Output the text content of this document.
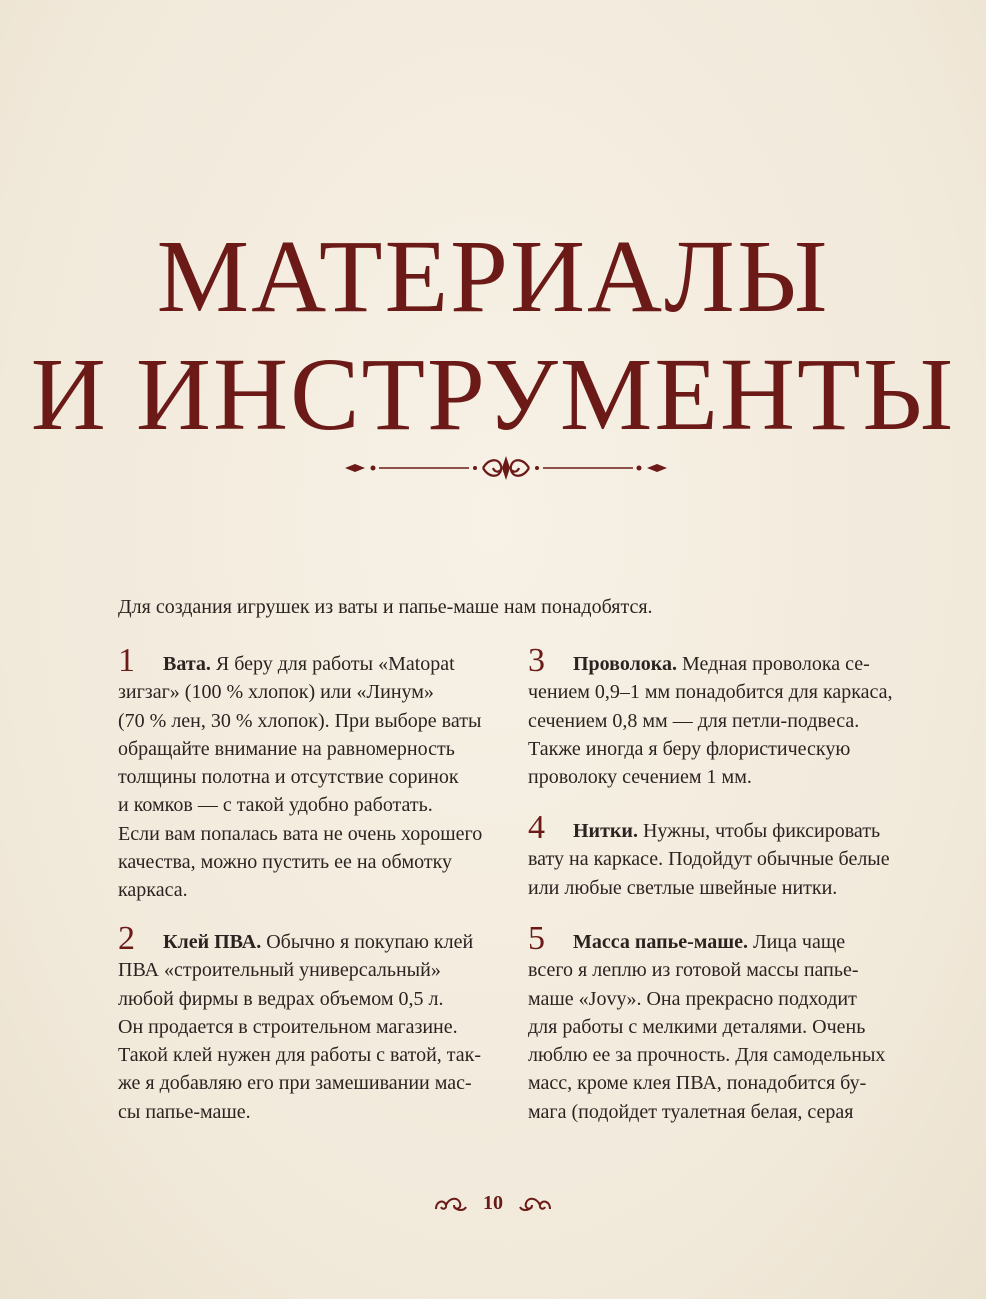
МАТЕРИАЛЫ
И ИНСТРУМЕНТЫ
Для создания игрушек из ваты и папье-маше нам понадобятся.
1	Вата. Я беру для работы «Matopat
зигзаг» (100 % хлопок) или «Линум»
(70 % лен, 30 % хлопок). При выборе ваты
обращайте внимание на равномерность
толщины полотна и отсутствие соринок
и комков — с такой удобно работать.
Если вам попалась вата не очень хорошего
качества, можно пустить ее на обмотку
каркаса.
2	Клей ПВА. Обычно я покупаю клей
ПВА «строительный универсальный»
любой фирмы в ведрах объемом 0,5 л.
Он продается в строительном магазине.
Такой клей нужен для работы с ватой, так-
же я добавляю его при замешивании мас-
сы папье-маше.
3	Проволока. Медная проволока се-
чением 0,9–1 мм понадобится для каркаса,
сечением 0,8 мм — для петли-подвеса.
Также иногда я беру флористическую
проволоку сечением 1 мм.
4	Нитки. Нужны, чтобы фиксировать
вату на каркасе. Подойдут обычные белые
или любые светлые швейные нитки.
5	Масса папье-маше. Лица чаще
всего я леплю из готовой массы папье-
маше «Jovy». Она прекрасно подходит
для работы с мелкими деталями. Очень
люблю ее за прочность. Для самодельных
масс, кроме клея ПВА, понадобится бу-
мага (подойдет туалетная белая, серая
10
